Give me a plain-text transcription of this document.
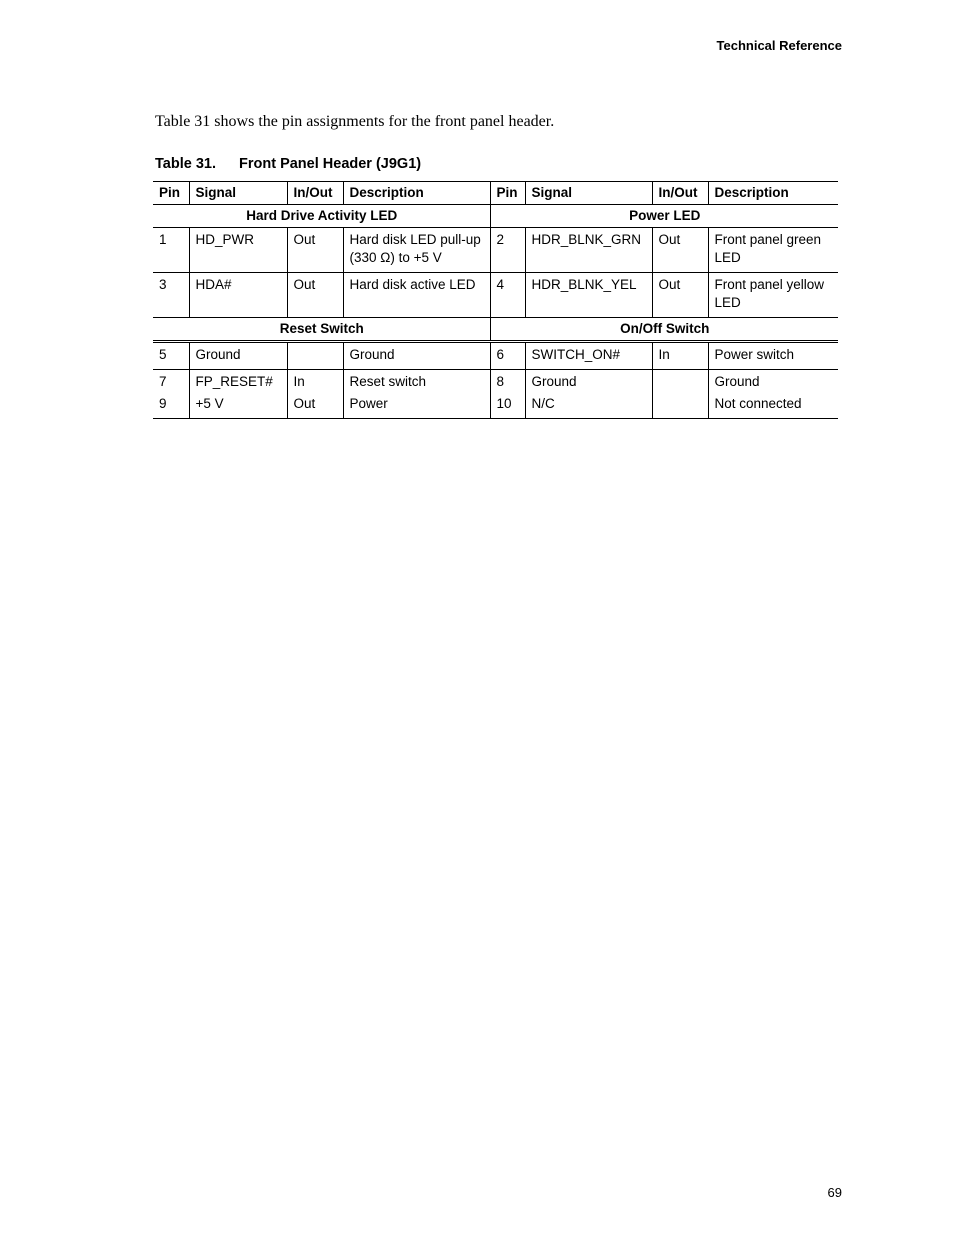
Technical Reference
Table 31 shows the pin assignments for the front panel header.
Table 31. Front Panel Header (J9G1)
Pin	Signal	In/Out	Description	Pin	Signal	In/Out	Description
Hard Drive Activity LED				Power LED			
1	HD_PWR	Out	Hard disk LED pull-up (330 Ω) to +5 V	2	HDR_BLNK_GRN	Out	Front panel green LED
3	HDA#	Out	Hard disk active LED	4	HDR_BLNK_YEL	Out	Front panel yellow LED
Reset Switch				On/Off Switch			
5	Ground		Ground	6	SWITCH_ON#	In	Power switch
7	FP_RESET#	In	Reset switch	8	Ground		Ground
9	+5 V	Out	Power	10	N/C		Not connected
69
